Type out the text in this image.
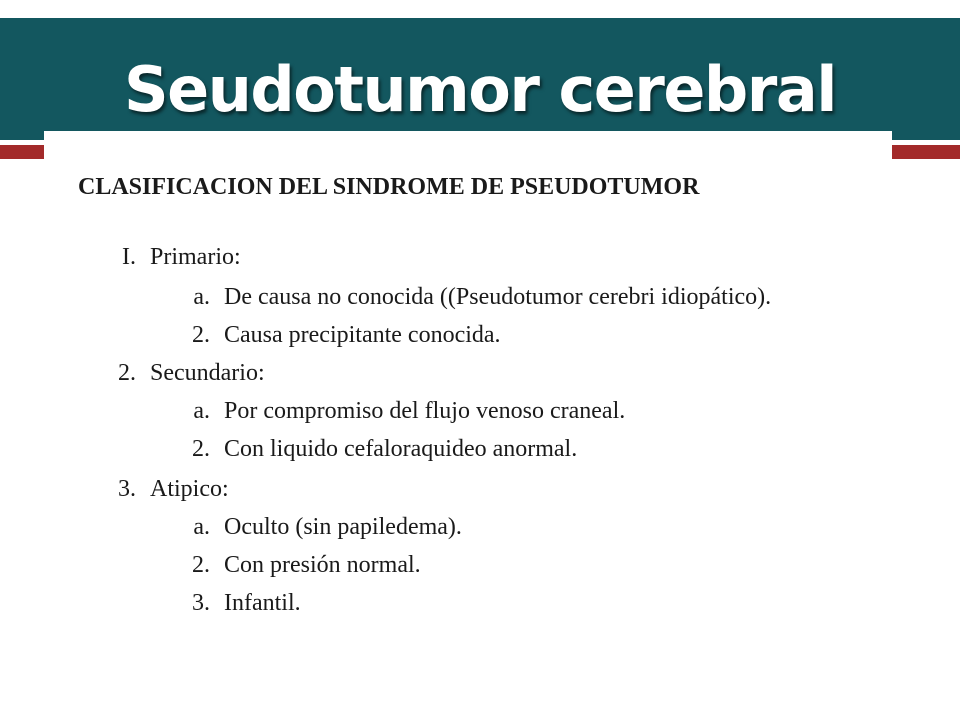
Seudotumor cerebral
CLASIFICACION DEL SINDROME DE PSEUDOTUMOR
I. Primario:
a. De causa no conocida ((Pseudotumor cerebri idiopático).
2. Causa precipitante conocida.
2. Secundario:
a. Por compromiso del flujo venoso craneal.
2. Con liquido cefaloraquideo anormal.
3. Atipico:
a. Oculto (sin papiledema).
2. Con presión normal.
3. Infantil.
